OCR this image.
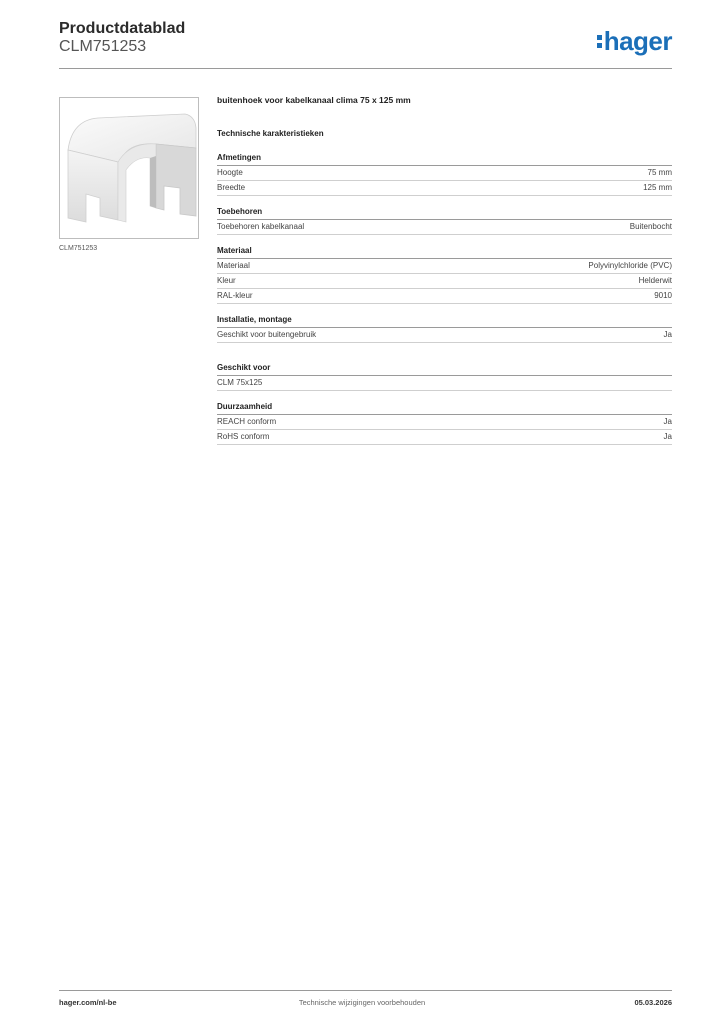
Productdatablad
CLM751253	hager
CLM751253
buitenhoek voor kabelkanaal clima 75 x 125 mm
Technische karakteristieken
Afmetingen
Hoogte	75 mm
Breedte	125 mm
Toebehoren
Toebehoren kabelkanaal	Buitenbocht
Materiaal
Materiaal	Polyvinylchloride (PVC)
Kleur	Helderwit
RAL-kleur	9010
Installatie, montage
Geschikt voor buitengebruik	Ja
Geschikt voor
CLM 75x125
Duurzaamheid
REACH conform	Ja
RoHS conform	Ja
hager.com/nl-be	Technische wijzigingen voorbehouden	05.03.2026
